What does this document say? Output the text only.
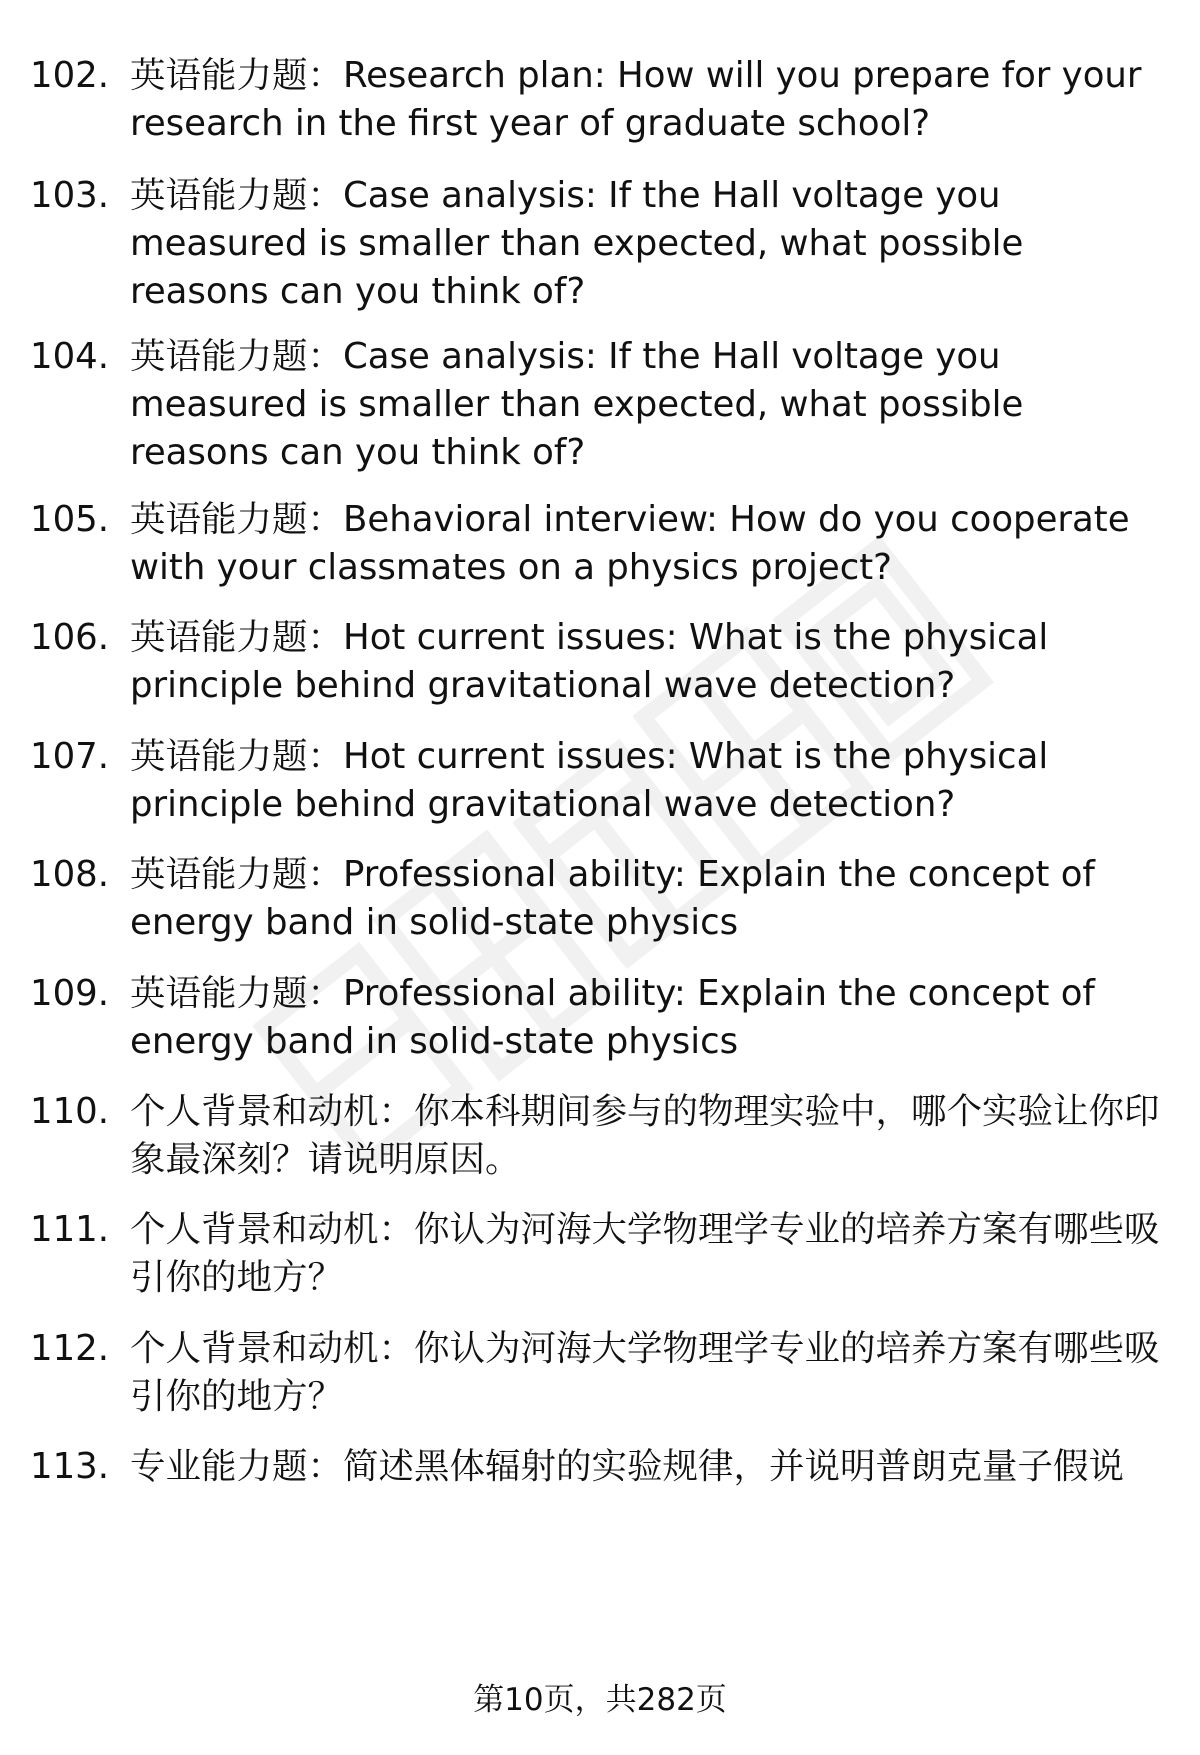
102. 英语能力题：Research plan: How will you prepare for your research in the first year of graduate school?
103. 英语能力题：Case analysis: If the Hall voltage you measured is smaller than expected, what possible reasons can you think of?
104. 英语能力题：Case analysis: If the Hall voltage you measured is smaller than expected, what possible reasons can you think of?
105. 英语能力题：Behavioral interview: How do you cooperate with your classmates on a physics project?
106. 英语能力题：Hot current issues: What is the physical principle behind gravitational wave detection?
107. 英语能力题：Hot current issues: What is the physical principle behind gravitational wave detection?
108. 英语能力题：Professional ability: Explain the concept of energy band in solid-state physics
109. 英语能力题：Professional ability: Explain the concept of energy band in solid-state physics
110. 个人背景和动机：你本科期间参与的物理实验中，哪个实验让你印象最深刻？请说明原因。
111. 个人背景和动机：你认为河海大学物理学专业的培养方案有哪些吸引你的地方？
112. 个人背景和动机：你认为河海大学物理学专业的培养方案有哪些吸引你的地方？
113. 专业能力题：简述黑体辐射的实验规律，并说明普朗克量子假说
第10页，共282页
